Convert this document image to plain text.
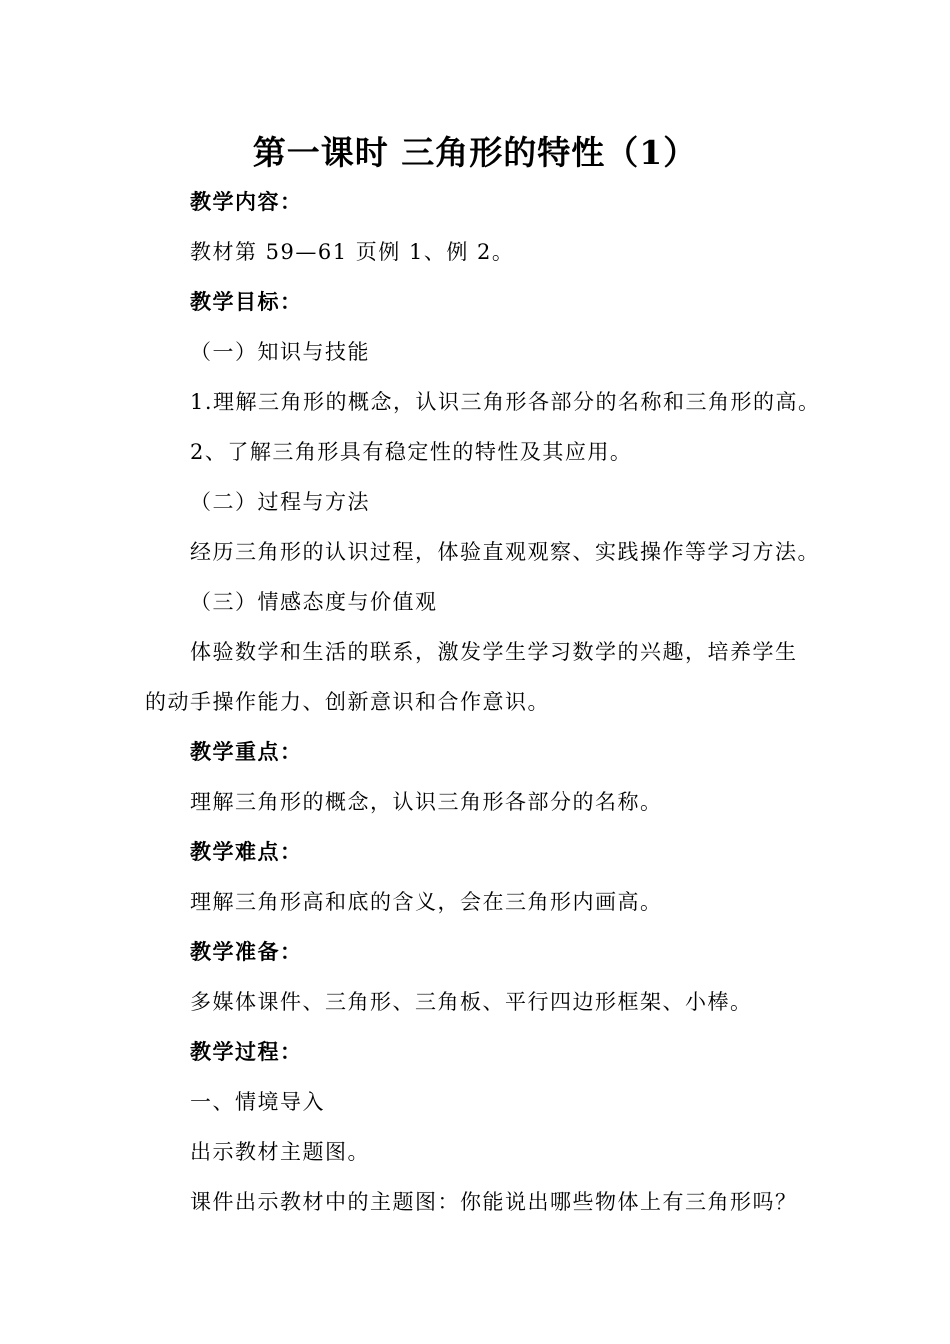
第一课时 三角形的特性（1）
教学内容：
教材第 59—61 页例 1、例 2。
教学目标：
（一）知识与技能
1.理解三角形的概念，认识三角形各部分的名称和三角形的高。
2、了解三角形具有稳定性的特性及其应用。
（二）过程与方法
经历三角形的认识过程，体验直观观察、实践操作等学习方法。
（三）情感态度与价值观
体验数学和生活的联系，激发学生学习数学的兴趣，培养学生
的动手操作能力、创新意识和合作意识。
教学重点：
理解三角形的概念，认识三角形各部分的名称。
教学难点：
理解三角形高和底的含义，会在三角形内画高。
教学准备：
多媒体课件、三角形、三角板、平行四边形框架、小棒。
教学过程：
一、情境导入
出示教材主题图。
课件出示教材中的主题图：你能说出哪些物体上有三角形吗？
